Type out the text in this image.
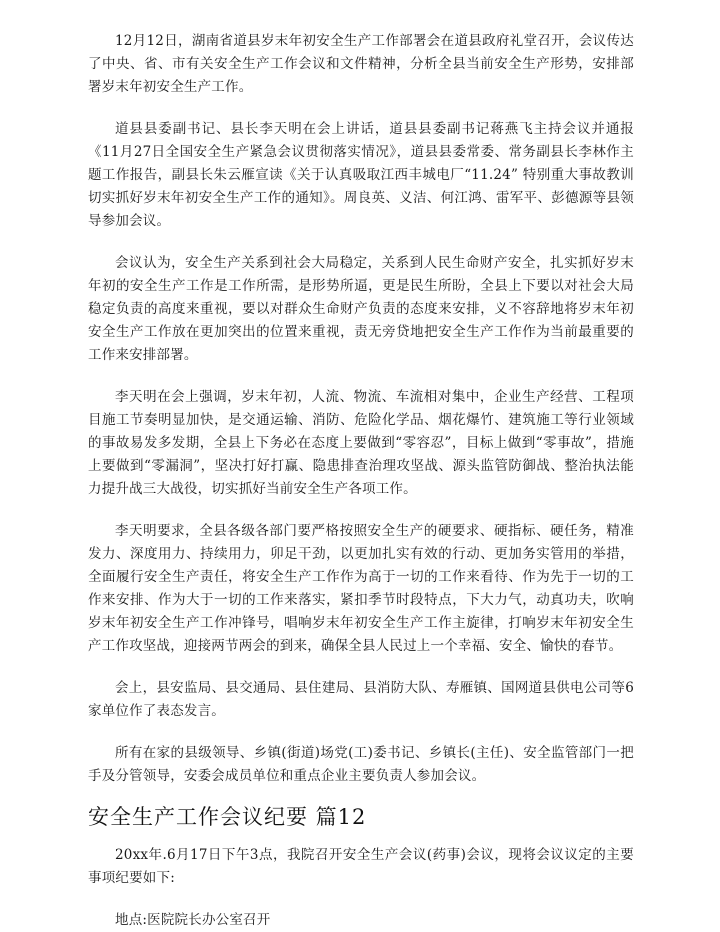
12月12日，湖南省道县岁末年初安全生产工作部署会在道县政府礼堂召开，会议传达了中央、省、市有关安全生产工作会议和文件精神，分析全县当前安全生产形势，安排部署岁末年初安全生产工作。

道县县委副书记、县长李天明在会上讲话，道县县委副书记蒋燕飞主持会议并通报《11月27日全国安全生产紧急会议贯彻落实情况》，道县县委常委、常务副县长李林作主题工作报告，副县长朱云雁宣读《关于认真吸取江西丰城电厂“11.24” 特别重大事故教训切实抓好岁末年初安全生产工作的通知》。周良英、义洁、何江鸿、雷军平、彭德源等县领导参加会议。

会议认为，安全生产关系到社会大局稳定，关系到人民生命财产安全，扎实抓好岁末年初的安全生产工作是工作所需，是形势所逼，更是民生所盼，全县上下要以对社会大局稳定负责的高度来重视，要以对群众生命财产负责的态度来安排，义不容辞地将岁末年初安全生产工作放在更加突出的位置来重视，责无旁贷地把安全生产工作作为当前最重要的工作来安排部署。

李天明在会上强调，岁末年初，人流、物流、车流相对集中，企业生产经营、工程项目施工节奏明显加快，是交通运输、消防、危险化学品、烟花爆竹、建筑施工等行业领域的事故易发多发期，全县上下务必在态度上要做到“零容忍”，目标上做到“零事故”，措施上要做到“零漏洞”，坚决打好打赢、隐患排查治理攻坚战、源头监管防御战、整治执法能力提升战三大战役，切实抓好当前安全生产各项工作。

李天明要求，全县各级各部门要严格按照安全生产的硬要求、硬指标、硬任务，精准发力、深度用力、持续用力，卯足干劲，以更加扎实有效的行动、更加务实管用的举措，全面履行安全生产责任，将安全生产工作作为高于一切的工作来看待、作为先于一切的工作来安排、作为大于一切的工作来落实，紧扣季节时段特点，下大力气，动真功夫，吹响岁末年初安全生产工作冲锋号，唱响岁末年初安全生产工作主旋律，打响岁末年初安全生产工作攻坚战，迎接两节两会的到来，确保全县人民过上一个幸福、安全、愉快的春节。

会上，县安监局、县交通局、县住建局、县消防大队、寿雁镇、国网道县供电公司等6家单位作了表态发言。

所有在家的县级领导、乡镇(街道)场党(工)委书记、乡镇长(主任)、安全监管部门一把手及分管领导，安委会成员单位和重点企业主要负责人参加会议。

安全生产工作会议纪要 篇12

20xx年.6月17日下午3点，我院召开安全生产会议(药事)会议，现将会议议定的主要事项纪要如下:

地点:医院院长办公室召开
